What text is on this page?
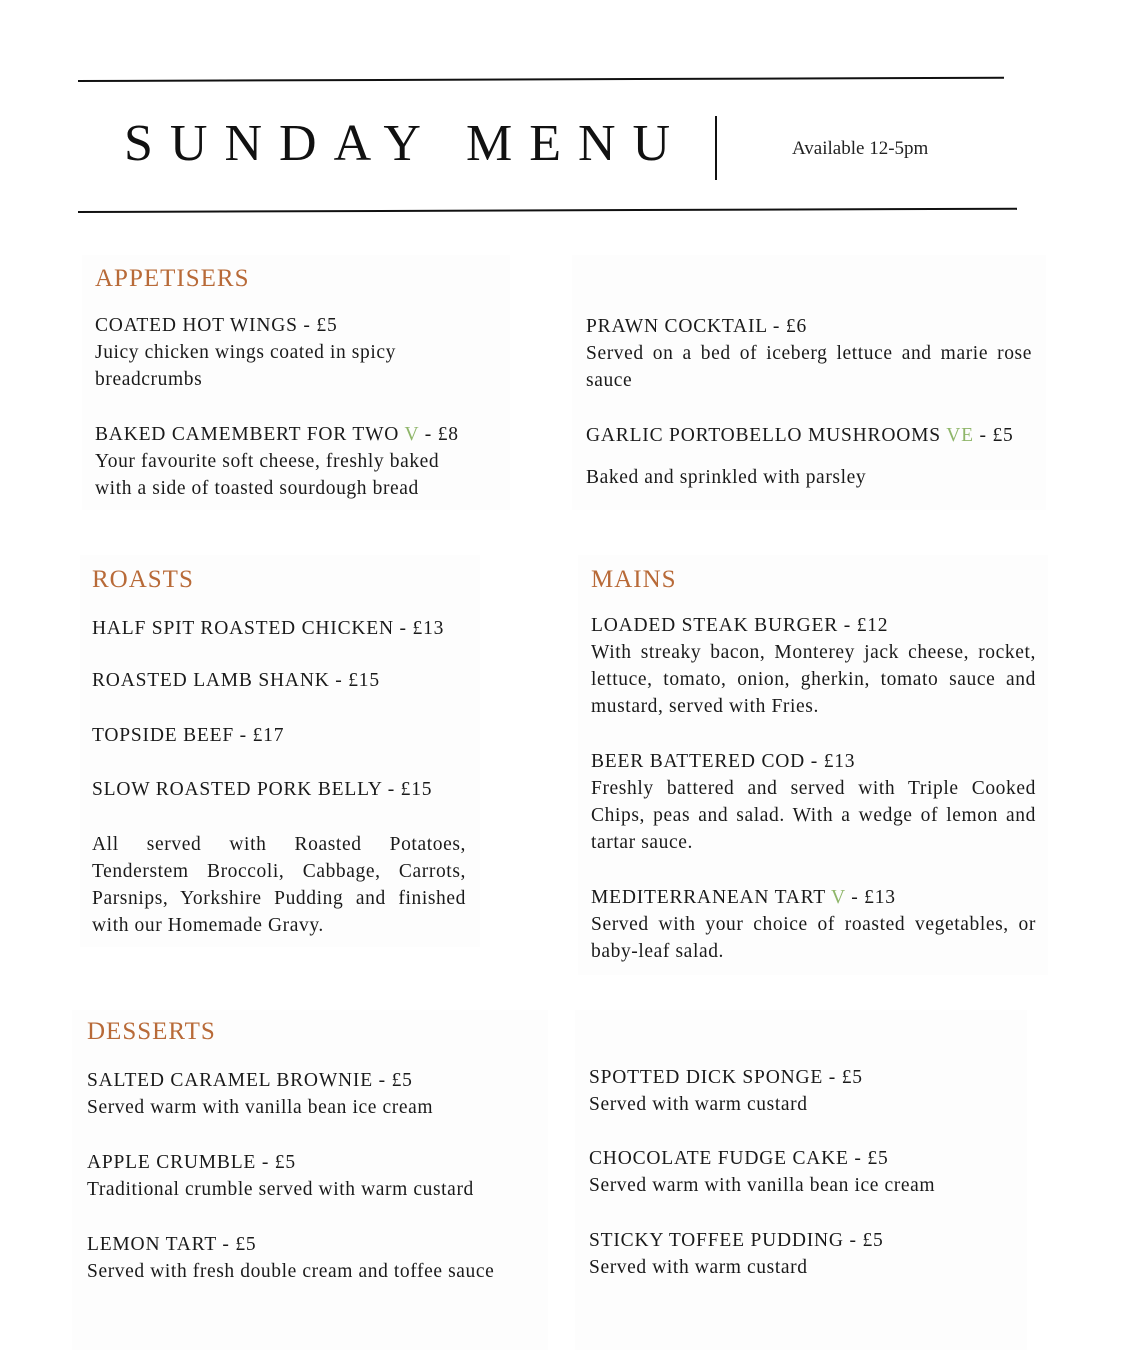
SUNDAY MENU	Available 12-5pm
APPETISERS
COATED HOT WINGS - £5
Juicy chicken wings coated in spicy breadcrumbs
BAKED CAMEMBERT FOR TWO V - £8
Your favourite soft cheese, freshly baked with a side of toasted sourdough bread
PRAWN COCKTAIL - £6
Served on a bed of iceberg lettuce and marie rose sauce
GARLIC PORTOBELLO MUSHROOMS VE - £5
Baked and sprinkled with parsley
ROASTS
HALF SPIT ROASTED CHICKEN - £13
ROASTED LAMB SHANK - £15
TOPSIDE BEEF - £17
SLOW ROASTED PORK BELLY - £15
All served with Roasted Potatoes, Tenderstem Broccoli, Cabbage, Carrots, Parsnips, Yorkshire Pudding and finished with our Homemade Gravy.
MAINS
LOADED STEAK BURGER - £12
With streaky bacon, Monterey jack cheese, rocket, lettuce, tomato, onion, gherkin, tomato sauce and mustard, served with Fries.
BEER BATTERED COD - £13
Freshly battered and served with Triple Cooked Chips, peas and salad. With a wedge of lemon and tartar sauce.
MEDITERRANEAN TART V - £13
Served with your choice of roasted vegetables, or baby-leaf salad.
DESSERTS
SALTED CARAMEL BROWNIE - £5
Served warm with vanilla bean ice cream
APPLE CRUMBLE - £5
Traditional crumble served with warm custard
LEMON TART - £5
Served with fresh double cream and toffee sauce
SPOTTED DICK SPONGE - £5
Served with warm custard
CHOCOLATE FUDGE CAKE - £5
Served warm with vanilla bean ice cream
STICKY TOFFEE PUDDING - £5
Served with warm custard
